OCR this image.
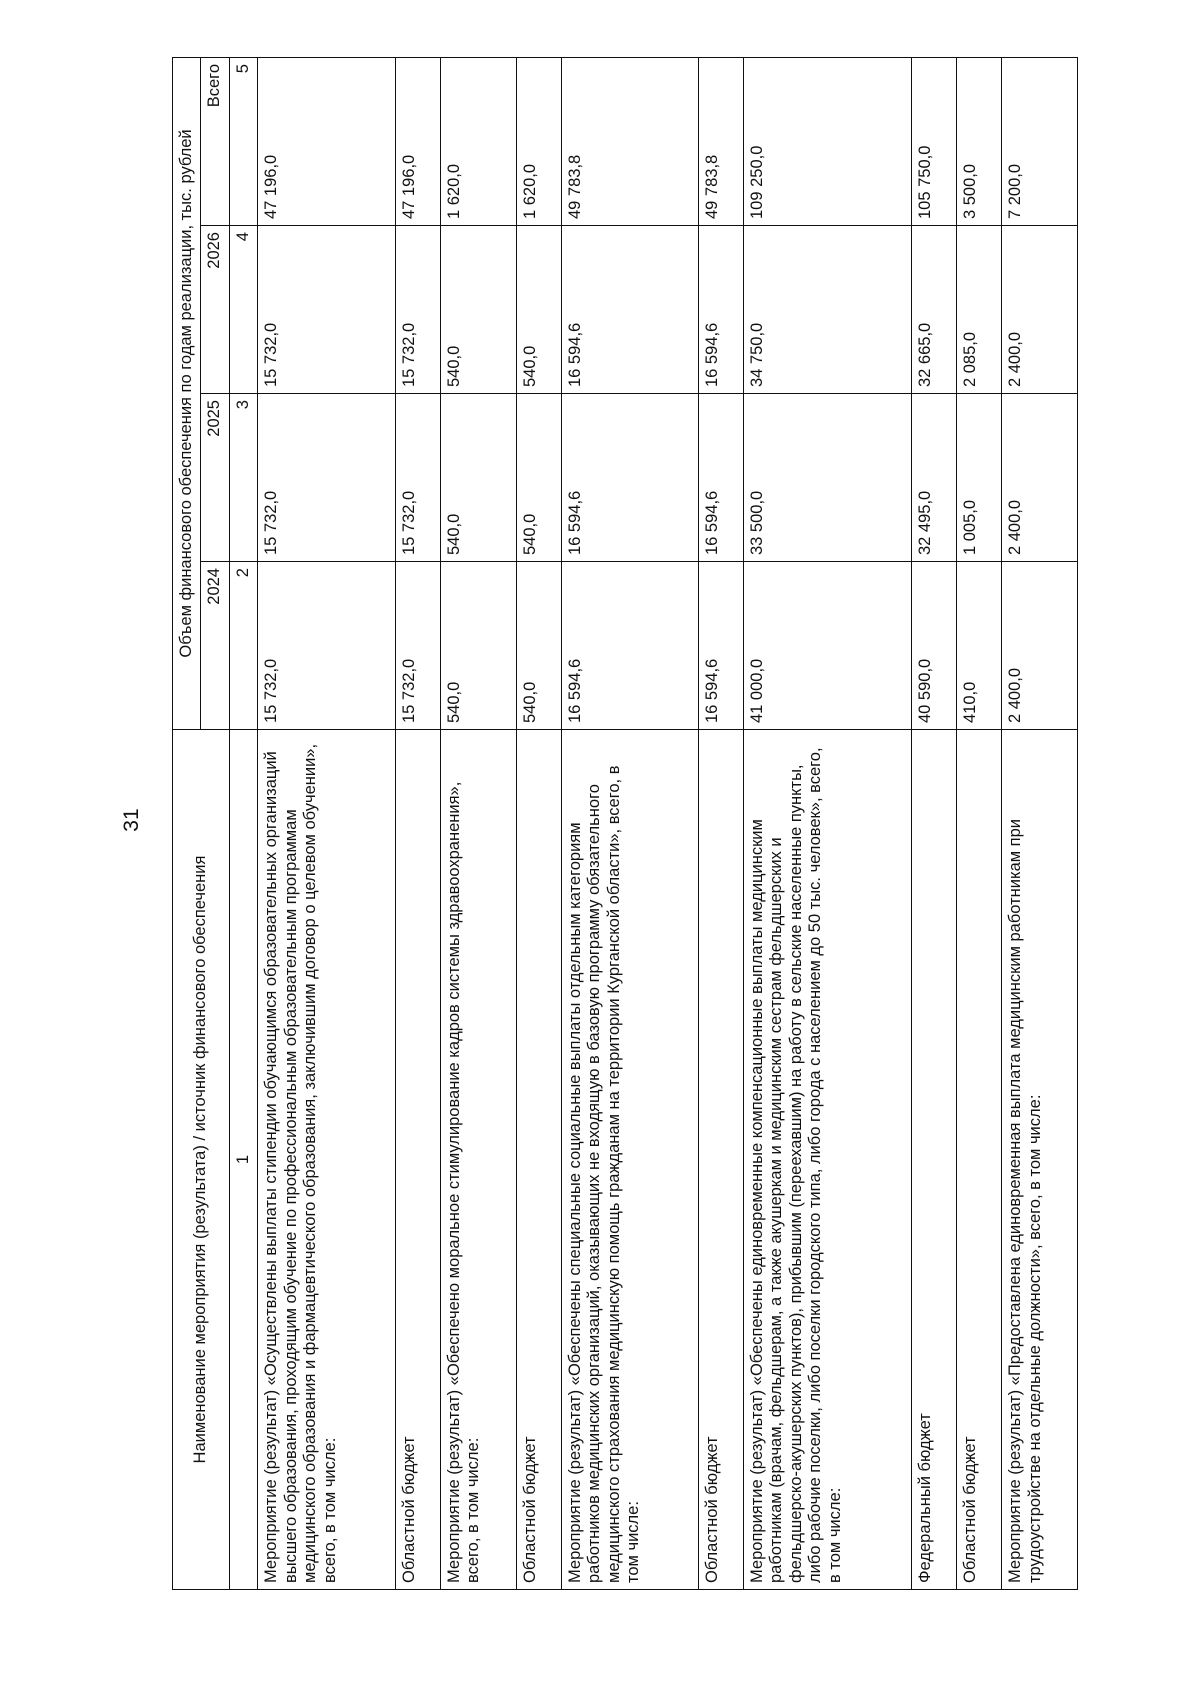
31
Наименование мероприятия (результата) / источник финансового обеспечения	Объем финансового обеспечения по годам реализации, тыс. рублей			
	2024	2025	2026	Всего
1	2	3	4	5
Мероприятие (результат) «Осуществлены выплаты стипендии обучающимся образовательных организаций высшего образования, проходящим обучение по профессиональным образовательным программам медицинского образования и фармацевтического образования, заключившим договор о целевом обучении», всего, в том числе:	15 732,0	15 732,0	15 732,0	47 196,0
Областной бюджет	15 732,0	15 732,0	15 732,0	47 196,0
Мероприятие (результат) «Обеспечено моральное стимулирование кадров системы здравоохранения», всего, в том числе:	540,0	540,0	540,0	1 620,0
Областной бюджет	540,0	540,0	540,0	1 620,0
Мероприятие (результат) «Обеспечены специальные социальные выплаты отдельным категориям работников медицинских организаций, оказывающих не входящую в базовую программу обязательного медицинского страхования медицинскую помощь гражданам на территории Курганской области», всего, в том числе:	16 594,6	16 594,6	16 594,6	49 783,8
Областной бюджет	16 594,6	16 594,6	16 594,6	49 783,8
Мероприятие (результат) «Обеспечены единовременные компенсационные выплаты медицинским работникам (врачам, фельдшерам, а также акушеркам и медицинским сестрам фельдшерских и фельдшерско-акушерских пунктов), прибывшим (переехавшим) на работу в сельские населенные пункты, либо рабочие поселки, либо поселки городского типа, либо города с населением до 50 тыс. человек», всего, в том числе:	41 000,0	33 500,0	34 750,0	109 250,0
Федеральный бюджет	40 590,0	32 495,0	32 665,0	105 750,0
Областной бюджет	410,0	1 005,0	2 085,0	3 500,0
Мероприятие (результат) «Предоставлена единовременная выплата медицинским работникам при трудоустройстве на отдельные должности», всего, в том числе:	2 400,0	2 400,0	2 400,0	7 200,0
